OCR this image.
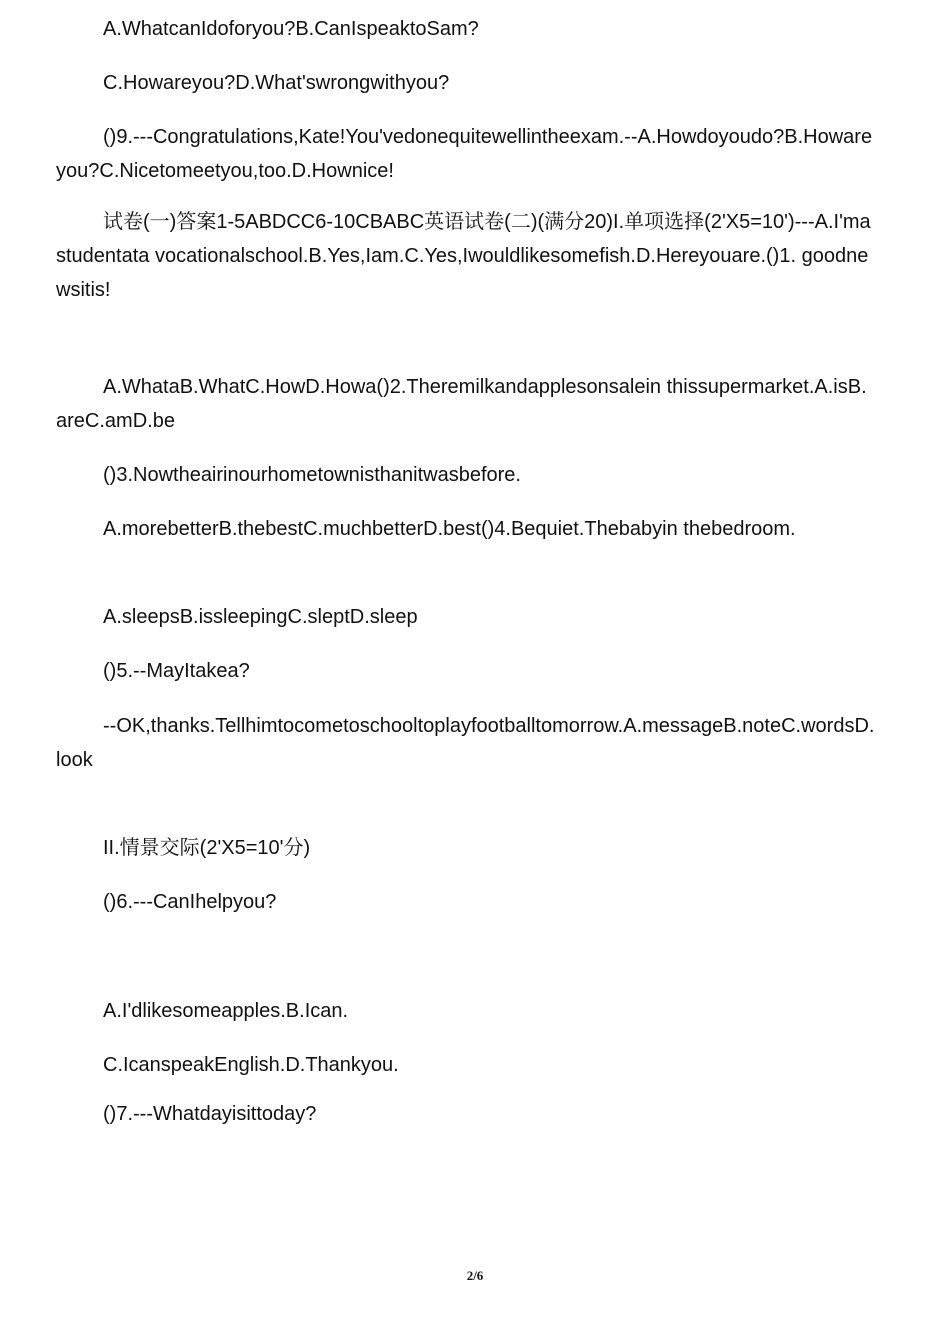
A.WhatcanIdoforyou?B.CanIspeaktoSam?
C.Howareyou?D.What'swrongwithyou?
()9.---Congratulations,Kate!You'vedonequitewellintheexam.--A.Howdoyoudo?B.Howareyou?C.Nicetomeetyou,too.D.Hownice!
试卷(一)答案1-5ABDCC6-10CBABC英语试卷(二)(满分20)I.单项选择(2'X5=10')---A.I'mastudentata vocationalschool.B.Yes,Iam.C.Yes,Iwouldlikesomefish.D.Hereyouare.()1. goodnewsitis!
A.WhataB.WhatC.HowD.Howa()2.Theremilkandapplesonsalein thissupermarket.A.isB.areC.amD.be
()3.Nowtheairinourhometownisthanitwasbefore.
A.morebetterB.thebestC.muchbetterD.best()4.Bequiet.Thebabyin thebedroom.
A.sleepsB.issleepingC.sleptD.sleep
()5.--MayItakea?
--OK,thanks.Tellhimtocometoschooltoplayfootballtomorrow.A.messageB.noteC.wordsD.look
II.情景交际(2'X5=10'分)
()6.---CanIhelpyou?
A.I'dlikesomeapples.B.Ican.
C.IcanspeakEnglish.D.Thankyou.
()7.---Whatdayisittoday?
2/6
